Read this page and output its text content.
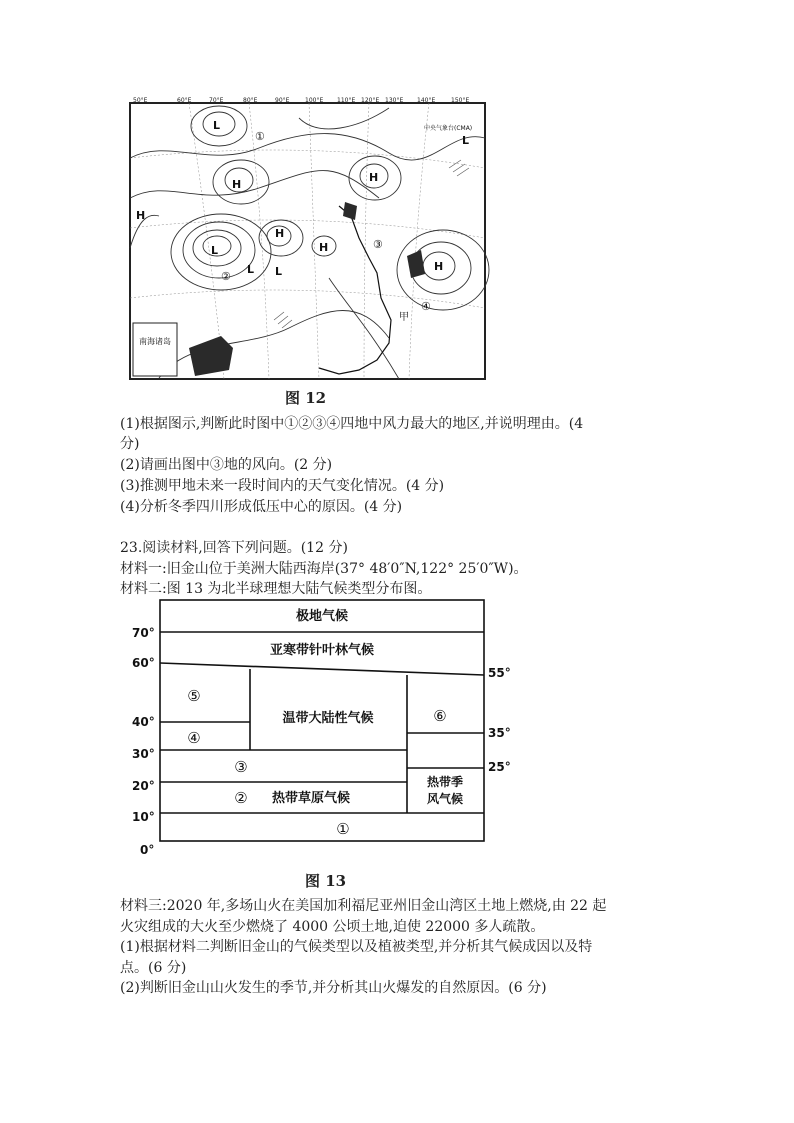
50°E	60°E	70°E	80°E	90°E	100°E 110°E 120°E 130°E 140°E	150°E
L
L
L
L
L
H
H
H
H
H
H
①
②
③
④
甲
中央气象台(CMA)
南海诸岛
图 12
(1)根据图示,判断此时图中①②③④四地中风力最大的地区,并说明理由。(4
分)
(2)请画出图中③地的风向。(2 分)
(3)推测甲地未来一段时间内的天气变化情况。(4 分)
(4)分析冬季四川形成低压中心的原因。(4 分)
23.阅读材料,回答下列问题。(12 分)
材料一:旧金山位于美洲大陆西海岸(37° 48′0″N,122° 25′0″W)。
材料二:图 13 为北半球理想大陆气候类型分布图。
70°
60°
40°
30°
20°
10°
0°
55°
35°
25°
极地气候
亚寒带针叶林气候
温带大陆性气候
热带草原气候
热带季
风气候
①
②
③
④
⑤
⑥
图 13
材料三:2020 年,多场山火在美国加利福尼亚州旧金山湾区土地上燃烧,由 22 起
火灾组成的大火至少燃烧了 4000 公顷土地,迫使 22000 多人疏散。
(1)根据材料二判断旧金山的气候类型以及植被类型,并分析其气候成因以及特
点。(6 分)
(2)判断旧金山山火发生的季节,并分析其山火爆发的自然原因。(6 分)
